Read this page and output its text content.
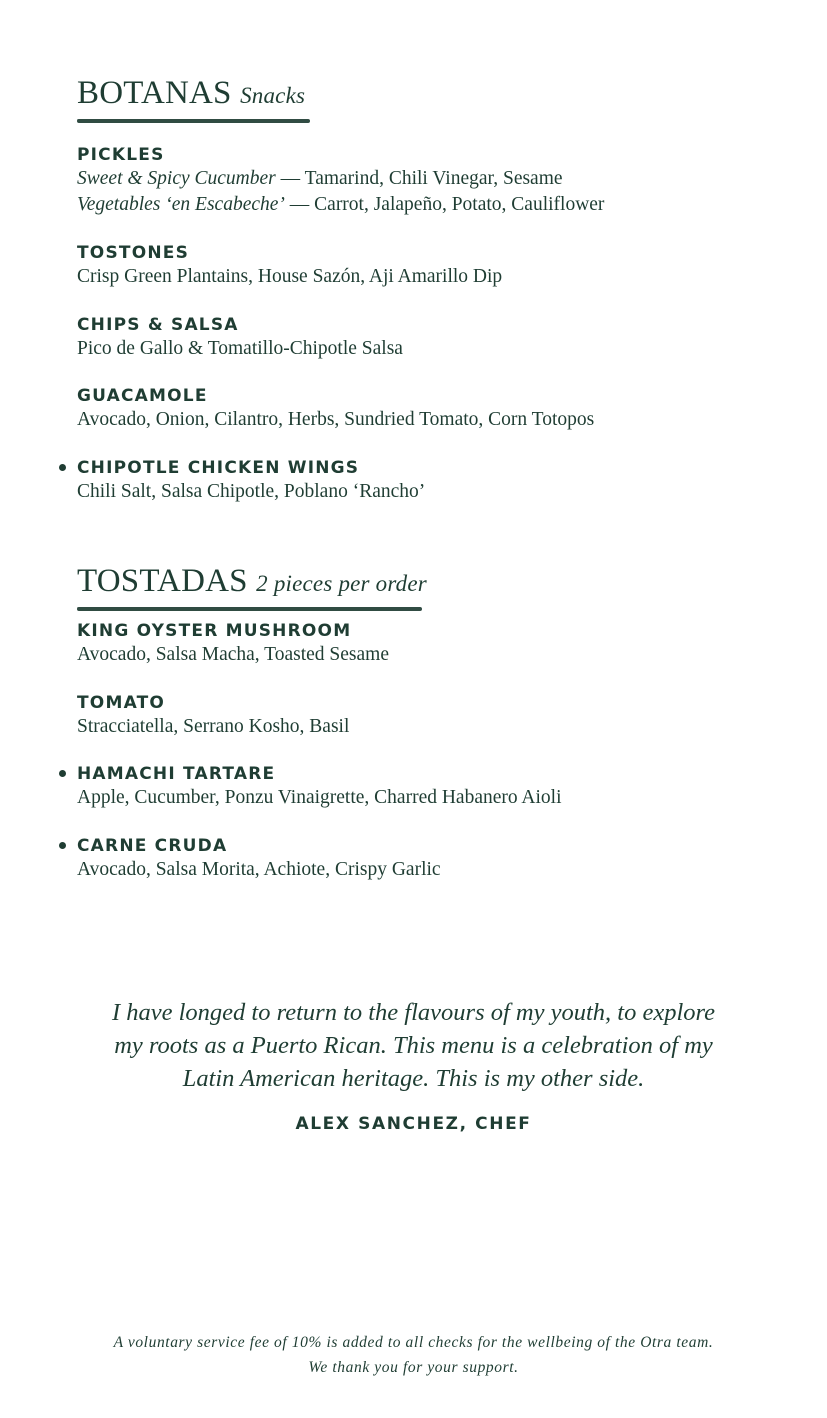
BOTANAS Snacks
PICKLES
Sweet & Spicy Cucumber — Tamarind, Chili Vinegar, Sesame
Vegetables ‘en Escabeche’ — Carrot, Jalapeño, Potato, Cauliflower
TOSTONES
Crisp Green Plantains, House Sazón, Aji Amarillo Dip
CHIPS & SALSA
Pico de Gallo & Tomatillo-Chipotle Salsa
GUACAMOLE
Avocado, Onion, Cilantro, Herbs, Sundried Tomato, Corn Totopos
CHIPOTLE CHICKEN WINGS
Chili Salt, Salsa Chipotle, Poblano ‘Rancho’
TOSTADAS 2 pieces per order
KING OYSTER MUSHROOM
Avocado, Salsa Macha, Toasted Sesame
TOMATO
Stracciatella, Serrano Kosho, Basil
HAMACHI TARTARE
Apple, Cucumber, Ponzu Vinaigrette, Charred Habanero Aioli
CARNE CRUDA
Avocado, Salsa Morita, Achiote, Crispy Garlic
I have longed to return to the flavours of my youth, to explore
my roots as a Puerto Rican. This menu is a celebration of my
Latin American heritage. This is my other side.
ALEX SANCHEZ, CHEF
A voluntary service fee of 10% is added to all checks for the wellbeing of the Otra team.
We thank you for your support.
